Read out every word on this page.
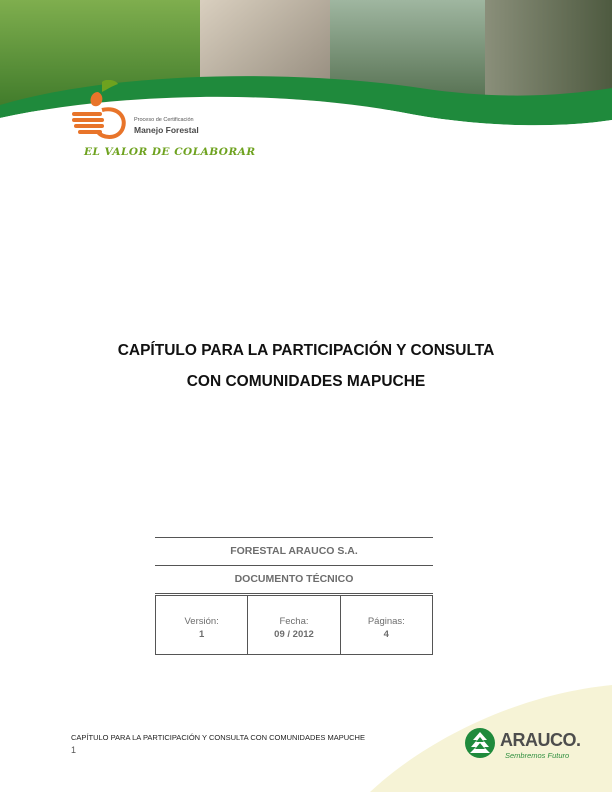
Proceso de Certificación
Manejo Forestal
EL VALOR DE COLABORAR
CAPÍTULO PARA LA PARTICIPACIÓN Y CONSULTA
CON COMUNIDADES MAPUCHE
FORESTAL ARAUCO S.A.
DOCUMENTO TÉCNICO
Versión:
1
Fecha:
09 / 2012
Páginas:
4
CAPÍTULO PARA LA PARTICIPACIÓN Y CONSULTA CON COMUNIDADES MAPUCHE
1	ARAUCO.
Sembremos Futuro
